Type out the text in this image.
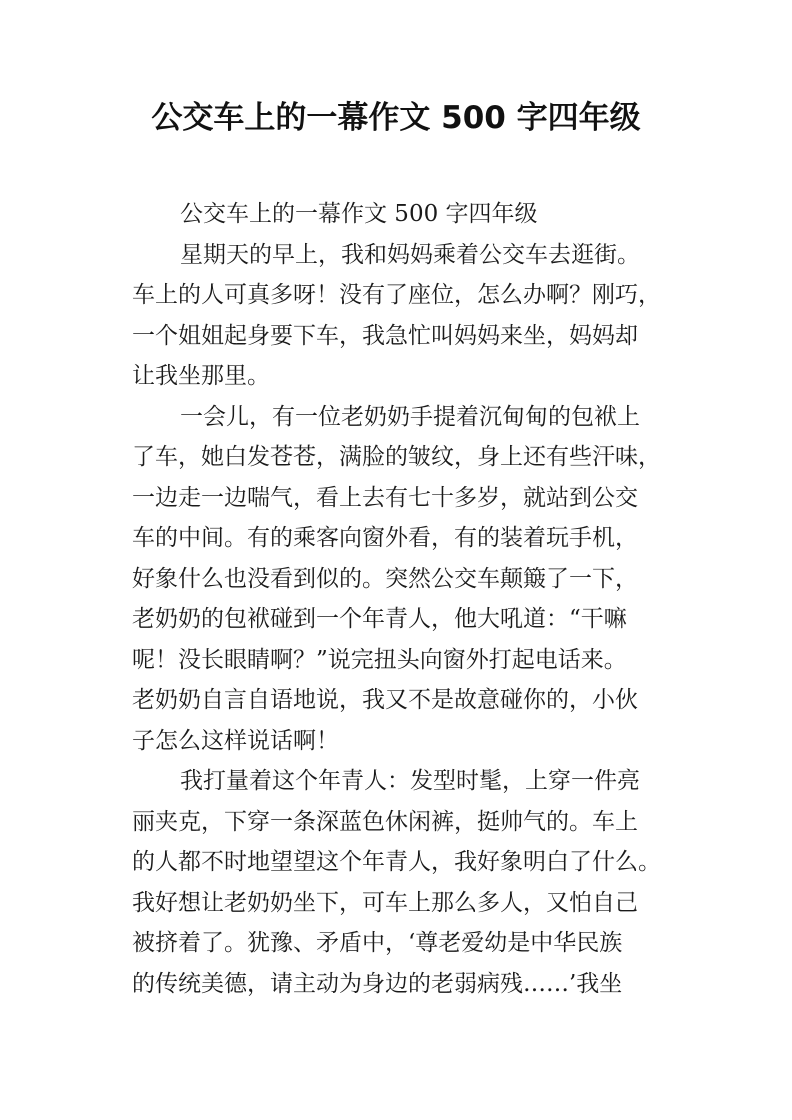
公交车上的一幕作文 500 字四年级
公交车上的一幕作文 500 字四年级
星期天的早上，我和妈妈乘着公交车去逛街。
车上的人可真多呀！没有了座位，怎么办啊？刚巧，
一个姐姐起身要下车，我急忙叫妈妈来坐，妈妈却
让我坐那里。
一会儿，有一位老奶奶手提着沉甸甸的包袱上
了车，她白发苍苍，满脸的皱纹，身上还有些汗味，
一边走一边喘气，看上去有七十多岁，就站到公交
车的中间。有的乘客向窗外看，有的装着玩手机，
好象什么也没看到似的。突然公交车颠簸了一下，
老奶奶的包袱碰到一个年青人，他大吼道：“干嘛
呢！没长眼睛啊？”说完扭头向窗外打起电话来。
老奶奶自言自语地说，我又不是故意碰你的，小伙
子怎么这样说话啊！
我打量着这个年青人：发型时髦，上穿一件亮
丽夹克，下穿一条深蓝色休闲裤，挺帅气的。车上
的人都不时地望望这个年青人，我好象明白了什么。
我好想让老奶奶坐下，可车上那么多人，又怕自己
被挤着了。犹豫、矛盾中，‘尊老爱幼是中华民族
的传统美德，请主动为身边的老弱病残……’我坐
